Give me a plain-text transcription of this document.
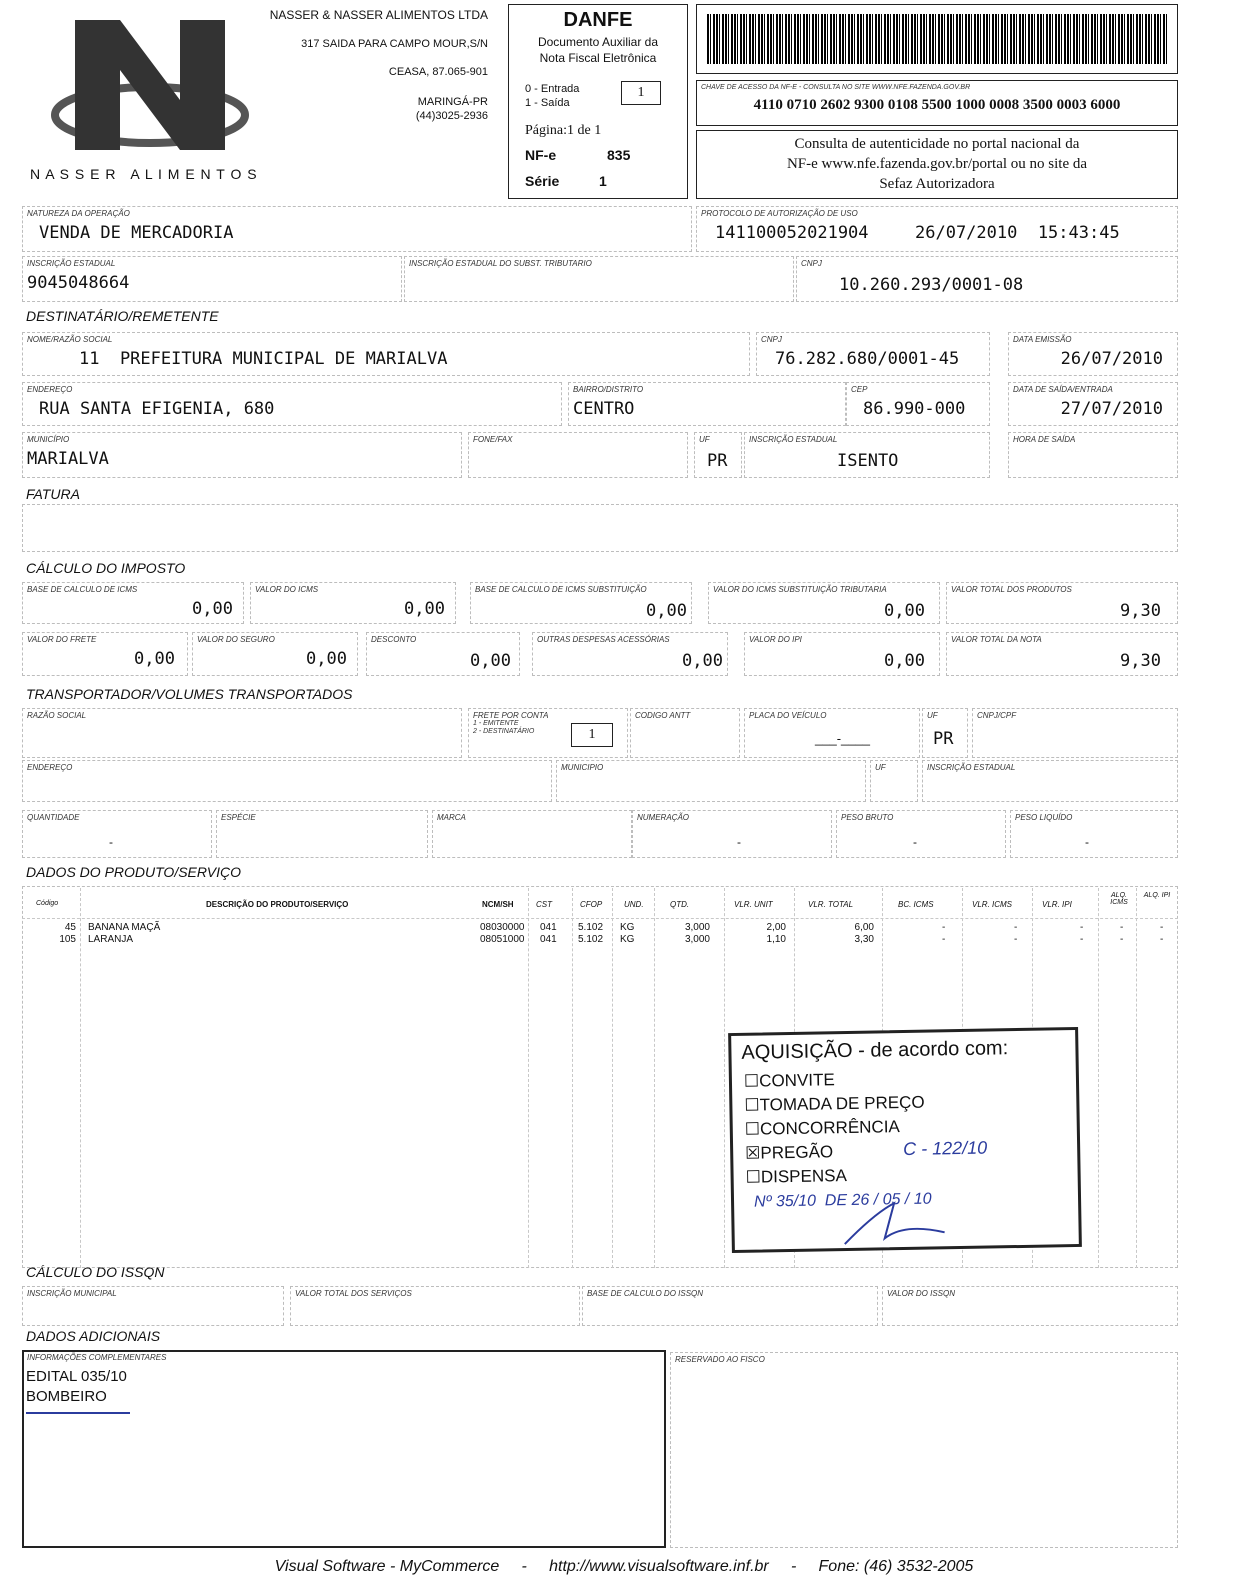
N A S S E R   A L I M E N T O S
NASSER & NASSER ALIMENTOS LTDA
317 SAIDA PARA CAMPO MOUR,S/N
CEASA, 87.065-901
MARINGÁ-PR
(44)3025-2936
DANFE
Documento Auxiliar da
Nota Fiscal Eletrônica
0 - Entrada
1 - Saída
1
Página:1 de 1
NF-e	835
Série	1
CHAVE DE ACESSO DA NF-E - CONSULTA NO SITE WWW.NFE.FAZENDA.GOV.BR
4110 0710 2602 9300 0108 5500 1000 0008 3500 0003 6000
Consulta de autenticidade no portal nacional da
NF-e www.nfe.fazenda.gov.br/portal ou no site da
Sefaz Autorizadora
NATUREZA DA OPERAÇÃO
VENDA DE MERCADORIA
PROTOCOLO DE AUTORIZAÇÃO DE USO
141100052021904	26/07/2010  15:43:45
INSCRIÇÃO ESTADUAL
9045048664
INSCRIÇÃO ESTADUAL DO SUBST. TRIBUTARIO	CNPJ
10.260.293/0001-08
DESTINATÁRIO/REMETENTE
NOME/RAZÃO SOCIAL
11  PREFEITURA MUNICIPAL DE MARIALVA
CNPJ
76.282.680/0001-45
DATA EMISSÃO
26/07/2010
ENDEREÇO
RUA SANTA EFIGENIA, 680
BAIRRO/DISTRITO
CENTRO
CEP
86.990-000
DATA DE SAÍDA/ENTRADA
27/07/2010
MUNICÍPIO
MARIALVA
FONE/FAX	UF
PR
INSCRIÇÃO ESTADUAL
ISENTO
HORA DE SAÍDA
FATURA
CÁLCULO DO IMPOSTO
BASE DE CALCULO DE ICMS
0,00
VALOR DO ICMS
0,00
BASE DE CALCULO DE ICMS SUBSTITUIÇÃO
0,00
VALOR DO ICMS SUBSTITUIÇÃO TRIBUTARIA
0,00
VALOR TOTAL DOS PRODUTOS
9,30
VALOR DO FRETE
0,00
VALOR DO SEGURO
0,00
DESCONTO
0,00
OUTRAS DESPESAS ACESSÓRIAS
0,00
VALOR DO IPI
0,00
VALOR TOTAL DA NOTA
9,30
TRANSPORTADOR/VOLUMES TRANSPORTADOS
RAZÃO SOCIAL	FRETE POR CONTA
1 - EMITENTE
2 - DESTINATÁRIO	1
CODIGO ANTT	PLACA DO VEÍCULO
___-____
UF
PR
CNPJ/CPF
ENDEREÇO	MUNICIPIO	UF	INSCRIÇÃO ESTADUAL
QUANTIDADE
-
ESPÉCIE	MARCA	NUMERAÇÃO
-
PESO BRUTO
-
PESO LIQUÍDO
-
DADOS DO PRODUTO/SERVIÇO
Código	DESCRIÇÃO DO PRODUTO/SERVIÇO	NCM/SH	CST	CFOP	UND.	QTD.	VLR. UNIT	VLR. TOTAL	BC. ICMS	VLR. ICMS	VLR. IPI
ALQ. ICMS
ALQ. IPI
45 BANANA MAÇÃ	08030000 041 5.102 KG	3,000	2,00	6,00	-	-	-	-	-
105 LARANJA	08051000 041 5.102 KG	3,000	1,10	3,30	-	-	-	-	-
AQUISIÇÃO - de acordo com:
☐CONVITE
☐TOMADA DE PREÇO
☐CONCORRÊNCIA
☒PREGÃO
☐DISPENSA
C - 122/10
Nº 35/10  DE 26 / 05 / 10
CÁLCULO DO ISSQN
INSCRIÇÃO MUNICIPAL	VALOR TOTAL DOS SERVIÇOS	BASE DE CALCULO DO ISSQN	VALOR DO ISSQN
DADOS ADICIONAIS
INFORMAÇÕES COMPLEMENTARES
EDITAL 035/10
BOMBEIRO
RESERVADO AO FISCO
Visual Software - MyCommerce     -     http://www.visualsoftware.inf.br     -     Fone: (46) 3532-2005
